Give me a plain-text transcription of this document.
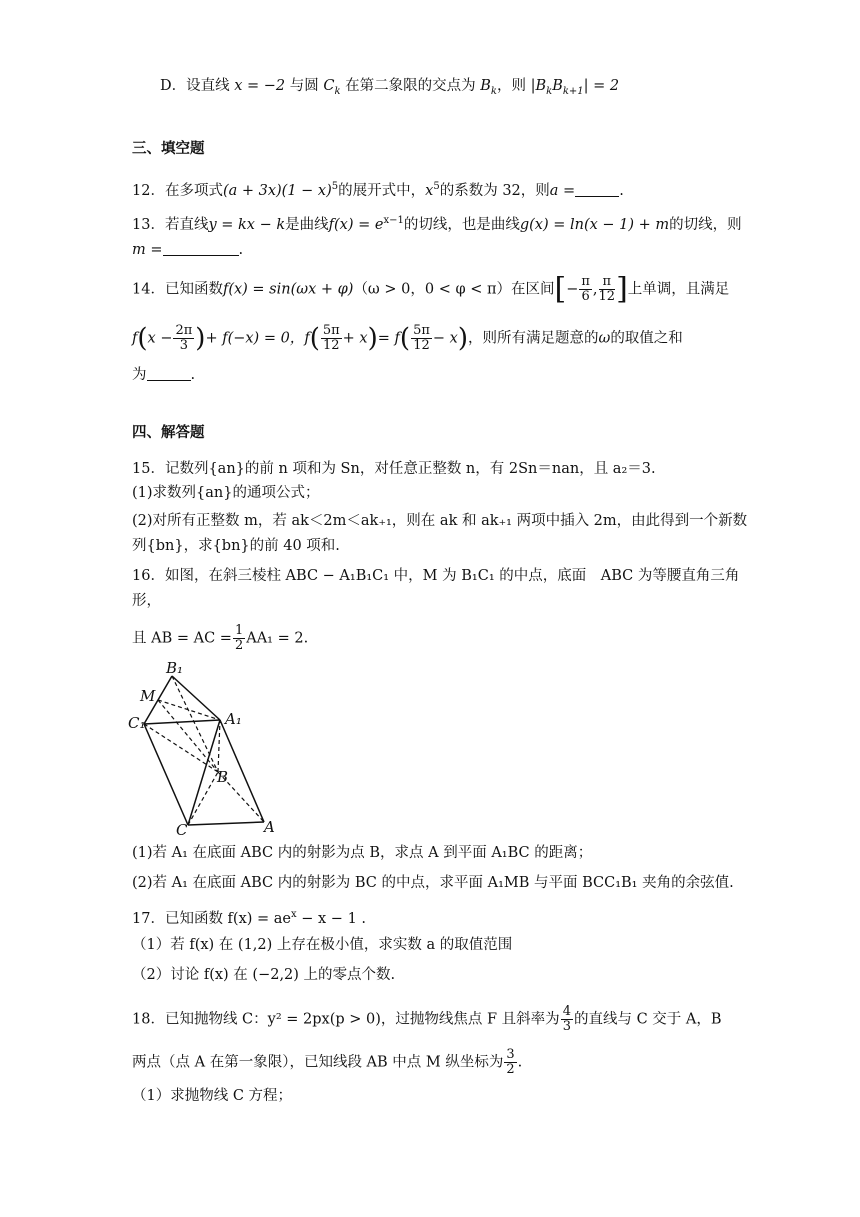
D．设直线 x = −2 与圆 $C_k$ 在第二象限的交点为 $B_k$，则 $|B_kB_{k+1}| = 2$
三、填空题
12．在多项式$(a + 3x)(1 - x)^5$的展开式中，$x^5$的系数为 32，则a =	.
13．若直线y = kx − k是曲线$f(x) = e^{x-1}$的切线，也是曲线g(x) = ln(x − 1) + m的切线，则
m =	.
14．已知函数f(x) = sin(ωx + φ)（ω > 0，0 < φ < π）在区间[− $\frac{\pi}{6}$ , $\frac{\pi}{12}$ ]上单调，且满足
$f(x - \frac{2\pi}{3}$ )+ f(−x) = 0，$f( \frac{5\pi}{12} + x)= f( \frac{5\pi}{12} - x)$，则所有满足题意的ω的取值之和
为	.
四、解答题
15．记数列{an}的前 n 项和为 Sn，对任意正整数 n，有 2Sn＝nan，且 a₂＝3.
(1)求数列{an}的通项公式；
(2)对所有正整数 m，若 ak＜2m＜ak₊₁，则在 ak 和 ak₊₁ 两项中插入 2m，由此得到一个新数
列{bn}，求{bn}的前 40 项和.
16．如图，在斜三棱柱 ABC − A₁B₁C₁ 中，M 为 B₁C₁ 的中点，底面　ABC 为等腰直角三角
形，
且 AB = AC = $\frac{1}{2} AA_1 = 2$.
B₁
M
C₁	A₁
B
C	A
(1)若 A₁ 在底面 ABC 内的射影为点 B，求点 A 到平面 A₁BC 的距离；
(2)若 A₁ 在底面 ABC 内的射影为 BC 的中点，求平面 A₁MB 与平面 BCC₁B₁ 夹角的余弦值.
17．已知函数 $f(x) = ae^x - x - 1$ .
（1）若 f(x) 在 (1,2) 上存在极小值，求实数 a 的取值范围
（2）讨论 f(x) 在 (−2,2) 上的零点个数.
18．已知抛物线 C：y² = 2px(p > 0)，过抛物线焦点 F 且斜率为 $\frac{4}{3}$ 的直线与 C 交于 A，B
两点（点 A 在第一象限），已知线段 AB 中点 M 纵坐标为 $\frac{3}{2}$ .
（1）求抛物线 C 方程；
